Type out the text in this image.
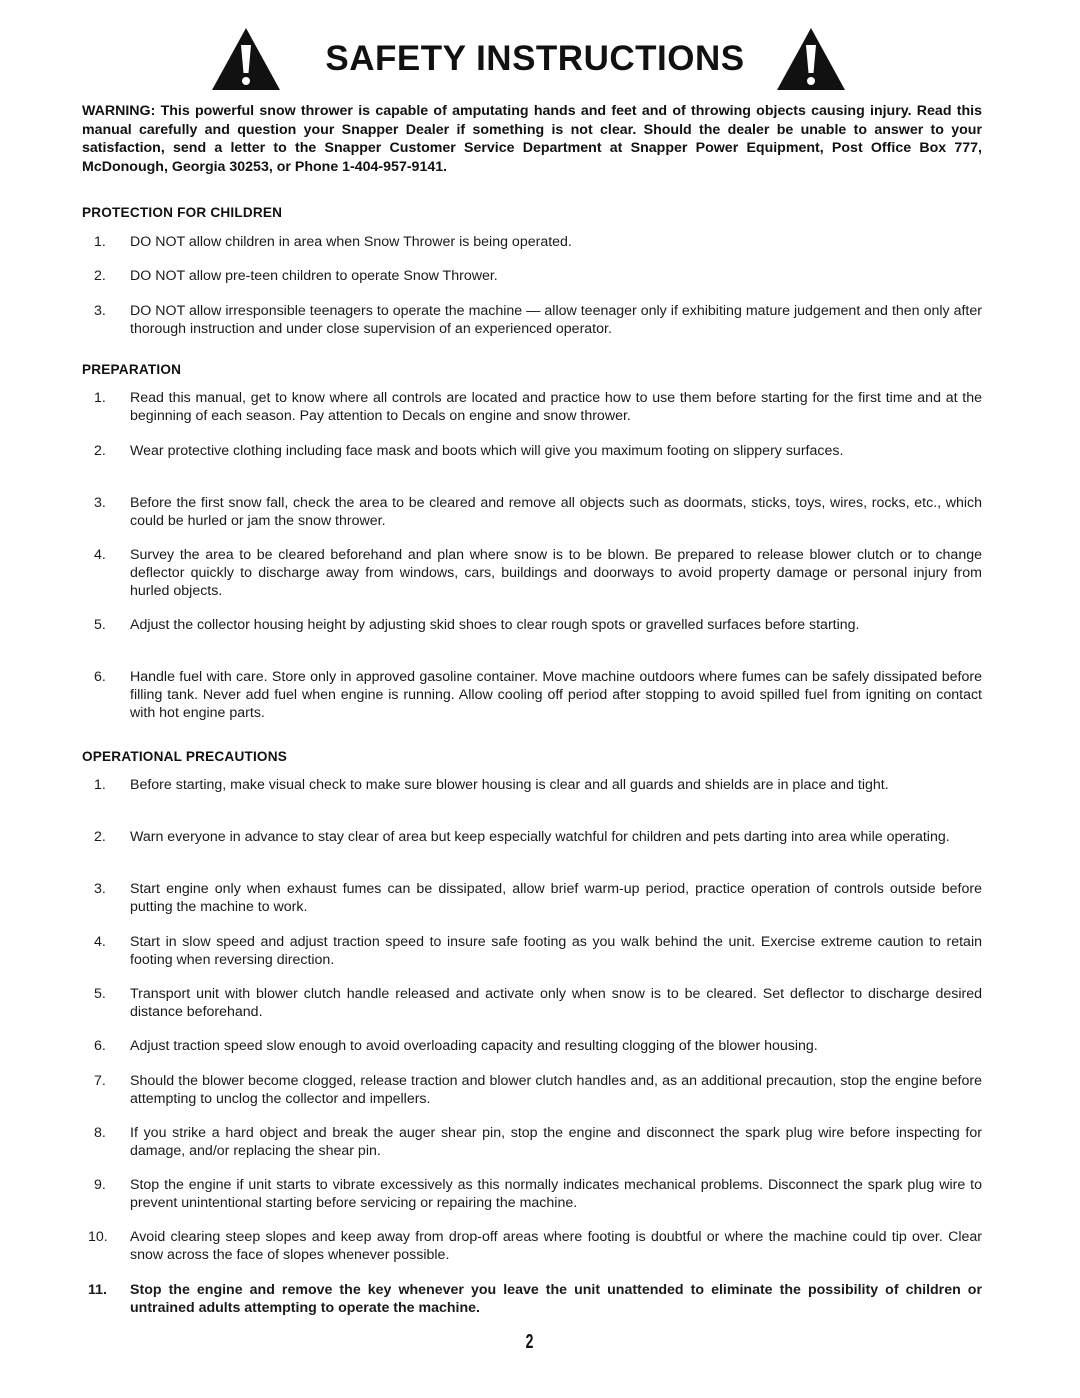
SAFETY INSTRUCTIONS

WARNING: This powerful snow thrower is capable of amputating hands and feet and of throwing objects causing injury. Read this manual carefully and question your Snapper Dealer if something is not clear. Should the dealer be unable to answer to your satisfaction, send a letter to the Snapper Customer Service Department at Snapper Power Equipment, Post Office Box 777, McDonough, Georgia 30253, or Phone 1-404-957-9141.

PROTECTION FOR CHILDREN
1. DO NOT allow children in area when Snow Thrower is being operated.
2. DO NOT allow pre-teen children to operate Snow Thrower.
3. DO NOT allow irresponsible teenagers to operate the machine — allow teenager only if exhibiting mature judgement and then only after thorough instruction and under close supervision of an experienced operator.
PREPARATION
1. Read this manual, get to know where all controls are located and practice how to use them before starting for the first time and at the beginning of each season. Pay attention to Decals on engine and snow thrower.
2. Wear protective clothing including face mask and boots which will give you maximum footing on slippery surfaces.
3. Before the first snow fall, check the area to be cleared and remove all objects such as doormats, sticks, toys, wires, rocks, etc., which could be hurled or jam the snow thrower.
4. Survey the area to be cleared beforehand and plan where snow is to be blown. Be prepared to release blower clutch or to change deflector quickly to discharge away from windows, cars, buildings and doorways to avoid property damage or personal injury from hurled objects.
5. Adjust the collector housing height by adjusting skid shoes to clear rough spots or gravelled surfaces before starting.
6. Handle fuel with care. Store only in approved gasoline container. Move machine outdoors where fumes can be safely dissipated before filling tank. Never add fuel when engine is running. Allow cooling off period after stopping to avoid spilled fuel from igniting on contact with hot engine parts.
OPERATIONAL PRECAUTIONS
1. Before starting, make visual check to make sure blower housing is clear and all guards and shields are in place and tight.
2. Warn everyone in advance to stay clear of area but keep especially watchful for children and pets darting into area while operating.
3. Start engine only when exhaust fumes can be dissipated, allow brief warm-up period, practice operation of controls outside before putting the machine to work.
4. Start in slow speed and adjust traction speed to insure safe footing as you walk behind the unit. Exercise extreme caution to retain footing when reversing direction.
5. Transport unit with blower clutch handle released and activate only when snow is to be cleared. Set deflector to discharge desired distance beforehand.
6. Adjust traction speed slow enough to avoid overloading capacity and resulting clogging of the blower housing.
7. Should the blower become clogged, release traction and blower clutch handles and, as an additional precaution, stop the engine before attempting to unclog the collector and impellers.
8. If you strike a hard object and break the auger shear pin, stop the engine and disconnect the spark plug wire before inspecting for damage, and/or replacing the shear pin.
9. Stop the engine if unit starts to vibrate excessively as this normally indicates mechanical problems. Disconnect the spark plug wire to prevent unintentional starting before servicing or repairing the machine.
10. Avoid clearing steep slopes and keep away from drop-off areas where footing is doubtful or where the machine could tip over. Clear snow across the face of slopes whenever possible.
11. Stop the engine and remove the key whenever you leave the unit unattended to eliminate the possibility of children or untrained adults attempting to operate the machine.

2
